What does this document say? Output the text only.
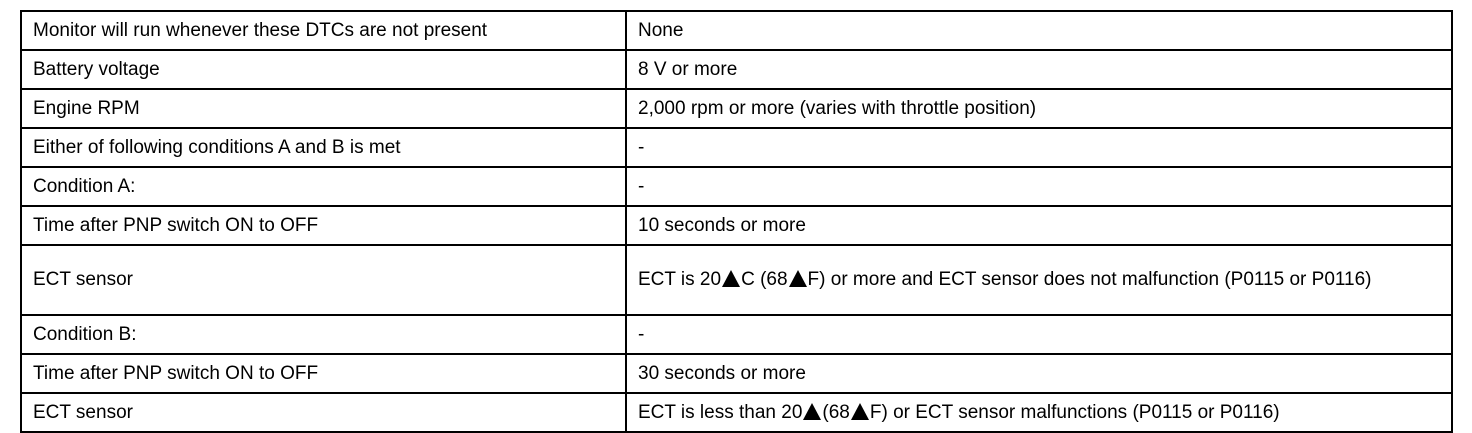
Monitor will run whenever these DTCs are not present	None
Battery voltage	8 V or more
Engine RPM	2,000 rpm or more (varies with throttle position)
Either of following conditions A and B is met	-
Condition A:	-
Time after PNP switch ON to OFF	10 seconds or more
ECT sensor	ECT is 20 C (68 F) or more and ECT sensor does not malfunction (P0115 or P0116)
Condition B:	-
Time after PNP switch ON to OFF	30 seconds or more
ECT sensor	ECT is less than 20 (68 F) or ECT sensor malfunctions (P0115 or P0116)
